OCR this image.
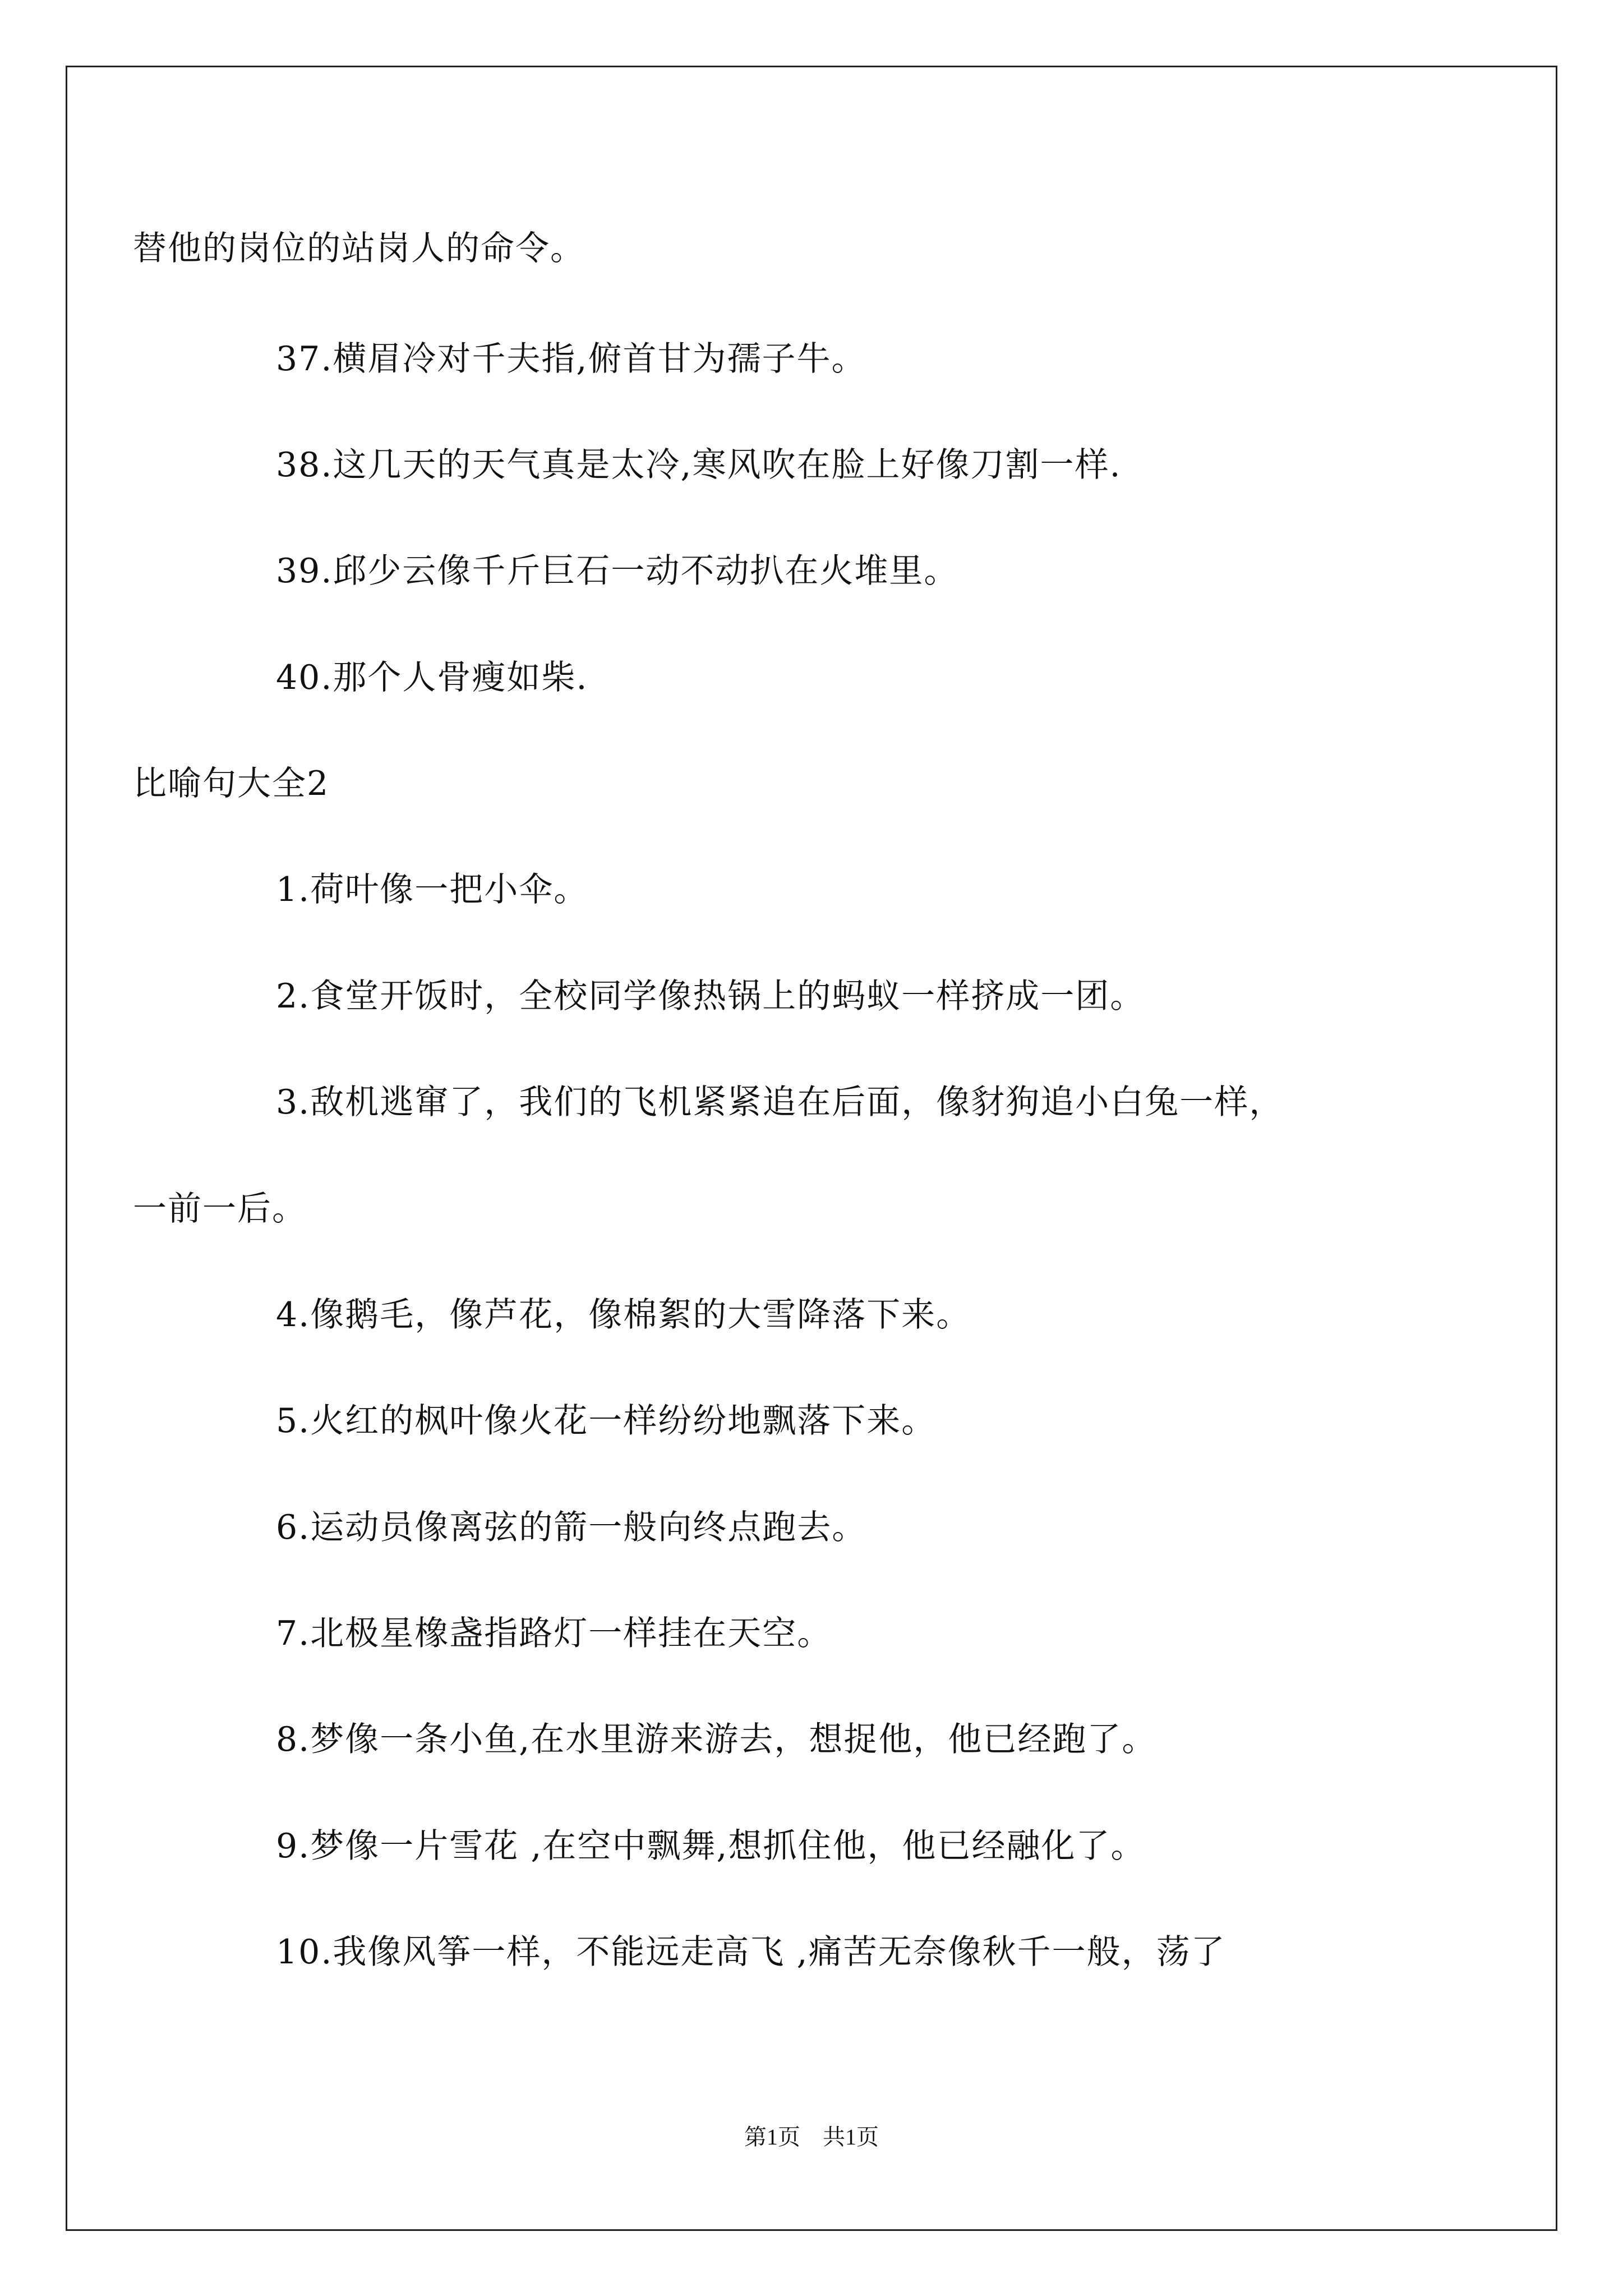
替他的岗位的站岗人的命令。
37.横眉冷对千夫指,俯首甘为孺子牛。
38.这几天的天气真是太冷,寒风吹在脸上好像刀割一样.
39.邱少云像千斤巨石一动不动扒在火堆里。
40.那个人骨瘦如柴.
比喻句大全2
1.荷叶像一把小伞。
2.食堂开饭时，全校同学像热锅上的蚂蚁一样挤成一团。
3.敌机逃窜了，我们的飞机紧紧追在后面，像豺狗追小白兔一样，
一前一后。
4.像鹅毛，像芦花，像棉絮的大雪降落下来。
5.火红的枫叶像火花一样纷纷地飘落下来。
6.运动员像离弦的箭一般向终点跑去。
7.北极星橡盏指路灯一样挂在天空。
8.梦像一条小鱼,在水里游来游去，想捉他，他已经跑了。
9.梦像一片雪花 ,在空中飘舞,想抓住他，他已经融化了。
10.我像风筝一样，不能远走高飞 ,痛苦无奈像秋千一般，荡了
第1页　共1页
